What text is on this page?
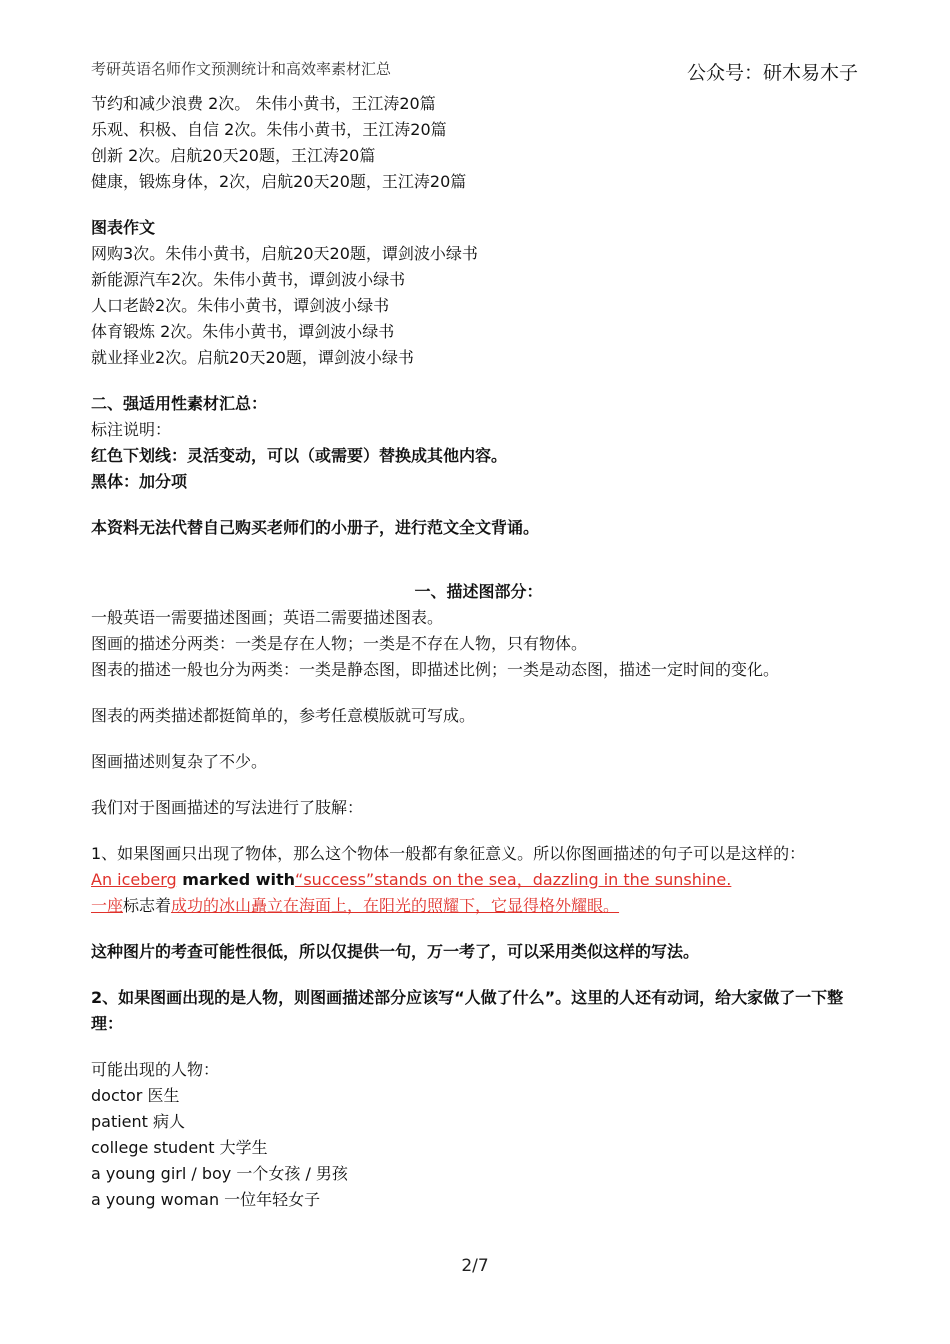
考研英语名师作文预测统计和高效率素材汇总	公众号：研木易木子
节约和减少浪费 2次。 朱伟小黄书，王江涛20篇
乐观、积极、自信 2次。朱伟小黄书，王江涛20篇
创新 2次。启航20天20题，王江涛20篇
健康，锻炼身体，2次，启航20天20题，王江涛20篇
图表作文
网购3次。朱伟小黄书，启航20天20题，谭剑波小绿书
新能源汽车2次。朱伟小黄书，谭剑波小绿书
人口老龄2次。朱伟小黄书，谭剑波小绿书
体育锻炼 2次。朱伟小黄书，谭剑波小绿书
就业择业2次。启航20天20题，谭剑波小绿书
二、强适用性素材汇总：
标注说明：
红色下划线：灵活变动，可以（或需要）替换成其他内容。
黑体：加分项
本资料无法代替自己购买老师们的小册子，进行范文全文背诵。
一、描述图部分：
一般英语一需要描述图画；英语二需要描述图表。
图画的描述分两类：一类是存在人物；一类是不存在人物，只有物体。
图表的描述一般也分为两类：一类是静态图，即描述比例；一类是动态图，描述一定时间的变化。
图表的两类描述都挺简单的，参考任意模版就可写成。
图画描述则复杂了不少。
我们对于图画描述的写法进行了肢解：
1、如果图画只出现了物体，那么这个物体一般都有象征意义。所以你图画描述的句子可以是这样的：
An iceberg marked with“success”stands on the sea，dazzling in the sunshine.
一座标志着成功的冰山矗立在海面上，在阳光的照耀下，它显得格外耀眼。
这种图片的考查可能性很低，所以仅提供一句，万一考了，可以采用类似这样的写法。
2、如果图画出现的是人物，则图画描述部分应该写“人做了什么”。这里的人还有动词，给大家做了一下整理：
可能出现的人物：
doctor 医生
patient 病人
college student 大学生
a young girl / boy 一个女孩 / 男孩
a young woman 一位年轻女子
2/7
